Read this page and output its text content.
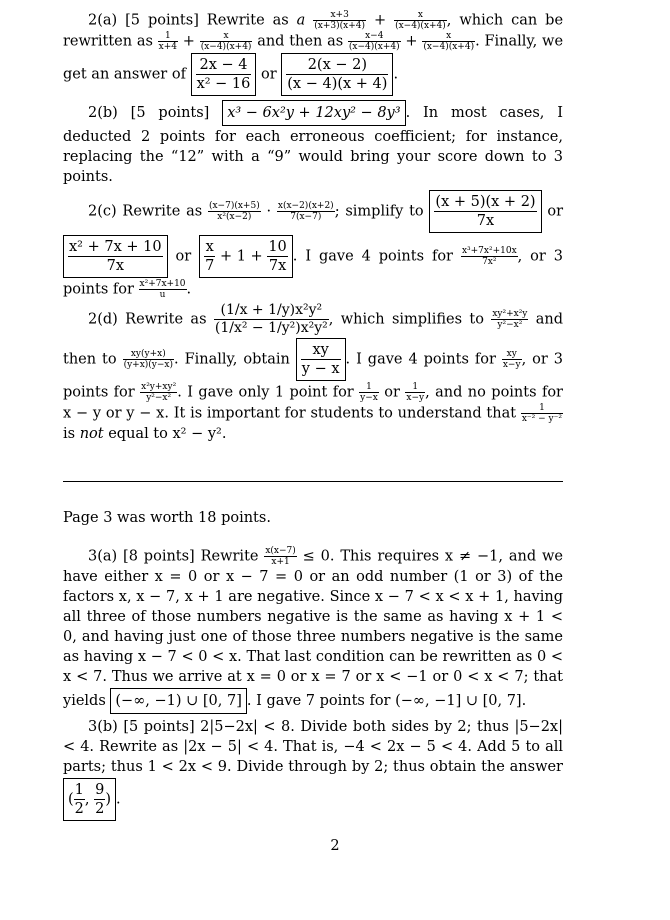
2(a) [5 points] Rewrite as a $\frac{x+3}{(x+3)(x+4)} + \frac{x}{(x-4)(x+4)}$ , which can be rewritten as $\frac{1}{x+4} + \frac{x}{(x-4)(x+4)}$ and then as $\frac{x-4}{(x-4)(x+4)} + \frac{x}{(x-4)(x+4)}$ . Finally, we get an answer of $\frac{2x - 4}{\text{x² − 16}}$ or $\frac{2(x - 2)}{(x - 4)(x + 4)}$ .

2(b) [5 points] x³ − 6x²y + 12xy² − 8y³ . In most cases, I deducted 2 points for each erroneous coefficient; for instance, replacing the “12” with a “9” would bring your score down to 3 points.

2(c) Rewrite as $\frac{(x-7)(x+5)}{\text{x²(x−2)}} \cdot \frac{x(x-2)(x+2)}{7(x-7)}$ ; simplify to $\frac{(x + 5)(x + 2)}{7x}$ or
$\frac{\text{x² + 7x + 10}}{7x}$ or $\frac{x}{7} + 1 + \frac{10}{7x}$ . I gave 4 points for $\frac{\text{x³+7x²+10x}}{\text{7x²}}$ , or 3 points for $\frac{\text{x²+7x+10}}{u}$ .

2(d) Rewrite as $\frac{\text{(1/x + 1/y)x²y²}}{\text{(1/x² − 1/y²)x²y²}}$ , which simplifies to $\frac{\text{xy²+x²y}}{\text{y²−x²}}$ and then to $\frac{xy(y+x)}{(y+x)(y-x)}$ . Finally, obtain $\frac{xy}{y - x}$ . I gave 4 points for $\frac{xy}{x-y}$ , or 3 points for $\frac{\text{x²y+xy²}}{\text{y²−x²}}$ . I gave only 1 point for $\frac{1}{y-x}$ or $\frac{1}{x-y}$ , and no points for x − y or y − x. It is important for students to understand that $\frac{1}{\text{x⁻² − y⁻²}}$
is not equal to x² − y².

Page 3 was worth 18 points.

3(a) [8 points] Rewrite $\frac{x(x-7)}{x+1} \le 0$. This requires x ≠ −1, and we have either x = 0 or x − 7 = 0 or an odd number (1 or 3) of the factors x, x − 7, x + 1 are negative. Since x − 7 < x < x + 1, having all three of those numbers negative is the same as having x + 1 < 0, and having just one of those three numbers negative is the same as having x − 7 < 0 < x. That last condition can be rewritten as 0 < x < 7. Thus we arrive at x = 0 or x = 7 or x < −1 or 0 < x < 7; that yields (−∞, −1) ∪ [0, 7] . I gave 7 points for (−∞, −1] ∪ [0, 7].

3(b) [5 points] 2|5−2x| < 8. Divide both sides by 2; thus |5−2x| < 4. Rewrite as |2x − 5| < 4. That is, −4 < 2x − 5 < 4. Add 5 to all parts; thus 1 < 2x < 9. Divide through by 2; thus obtain the answer ( $\frac{1}{2}$ , $\frac{9}{2}$ ) .

2
